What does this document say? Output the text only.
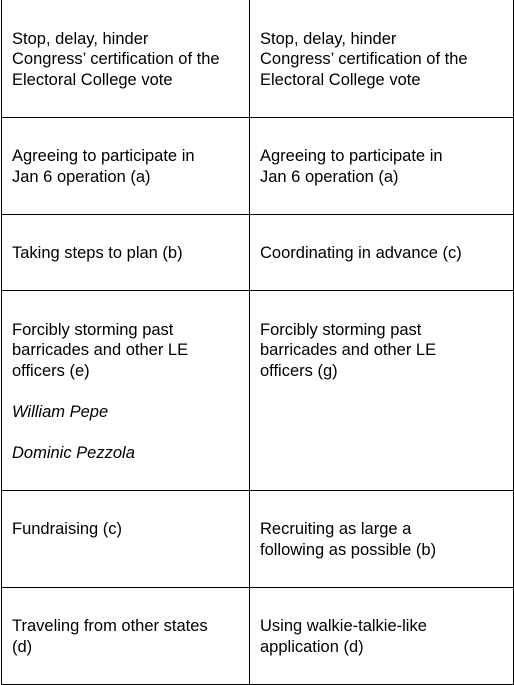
Stop, delay, hinder
Congress’ certification of the
Electoral College vote	Stop, delay, hinder
Congress’ certification of the
Electoral College vote

Agreeing to participate in
Jan 6 operation (a)	Agreeing to participate in
Jan 6 operation (a)

Taking steps to plan (b)	Coordinating in advance (c)

Forcibly storming past
barricades and other LE
officers (e)

William Pepe

Dominic Pezzola	Forcibly storming past
barricades and other LE
officers (g)

Fundraising (c)	Recruiting as large a
following as possible (b)

Traveling from other states
(d)	Using walkie-talkie-like
application (d)
